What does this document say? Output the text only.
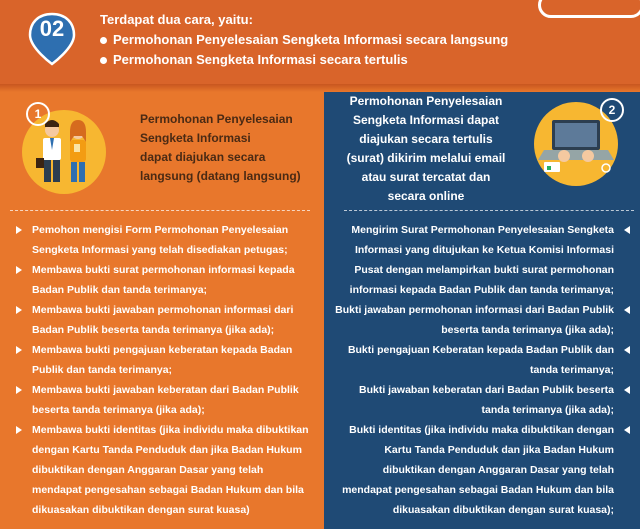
02	Terdapat dua cara, yaitu:
Permohonan Penyelesaian Sengketa Informasi secara langsung
Permohonan Sengketa Informasi secara tertulis
1	Permohonan Penyelesaian
Sengketa Informasi
dapat diajukan secara
langsung (datang langsung)
Pemohon mengisi Form Permohonan Penyelesaian Sengketa Informasi yang telah disediakan petugas;
Membawa bukti surat permohonan informasi kepada Badan Publik dan tanda terimanya;
Membawa bukti jawaban permohonan informasi dari Badan Publik beserta tanda terimanya (jika ada);
Membawa bukti pengajuan keberatan kepada Badan Publik dan tanda terimanya;
Membawa bukti jawaban keberatan dari Badan Publik beserta tanda terimanya (jika ada);
Membawa bukti identitas (jika individu maka dibuktikan dengan Kartu Tanda Penduduk dan jika Badan Hukum dibuktikan dengan Anggaran Dasar yang telah mendapat pengesahan sebagai Badan Hukum dan bila dikuasakan dibuktikan dengan surat kuasa)
2
Permohonan Penyelesaian
Sengketa Informasi dapat
diajukan secara tertulis
(surat) dikirim melalui email
atau surat tercatat dan
secara online
Mengirim Surat Permohonan Penyelesaian Sengketa Informasi yang ditujukan ke Ketua Komisi Informasi Pusat dengan melampirkan bukti surat permohonan informasi kepada Badan Publik dan tanda terimanya;
Bukti jawaban permohonan informasi dari Badan Publik beserta tanda terimanya (jika ada);
Bukti pengajuan Keberatan kepada Badan Publik dan tanda terimanya;
Bukti jawaban keberatan dari Badan Publik beserta tanda terimanya (jika ada);
Bukti identitas (jika individu maka dibuktikan dengan Kartu Tanda Penduduk dan jika Badan Hukum dibuktikan dengan Anggaran Dasar yang telah mendapat pengesahan sebagai Badan Hukum dan bila dikuasakan dibuktikan dengan surat kuasa);
